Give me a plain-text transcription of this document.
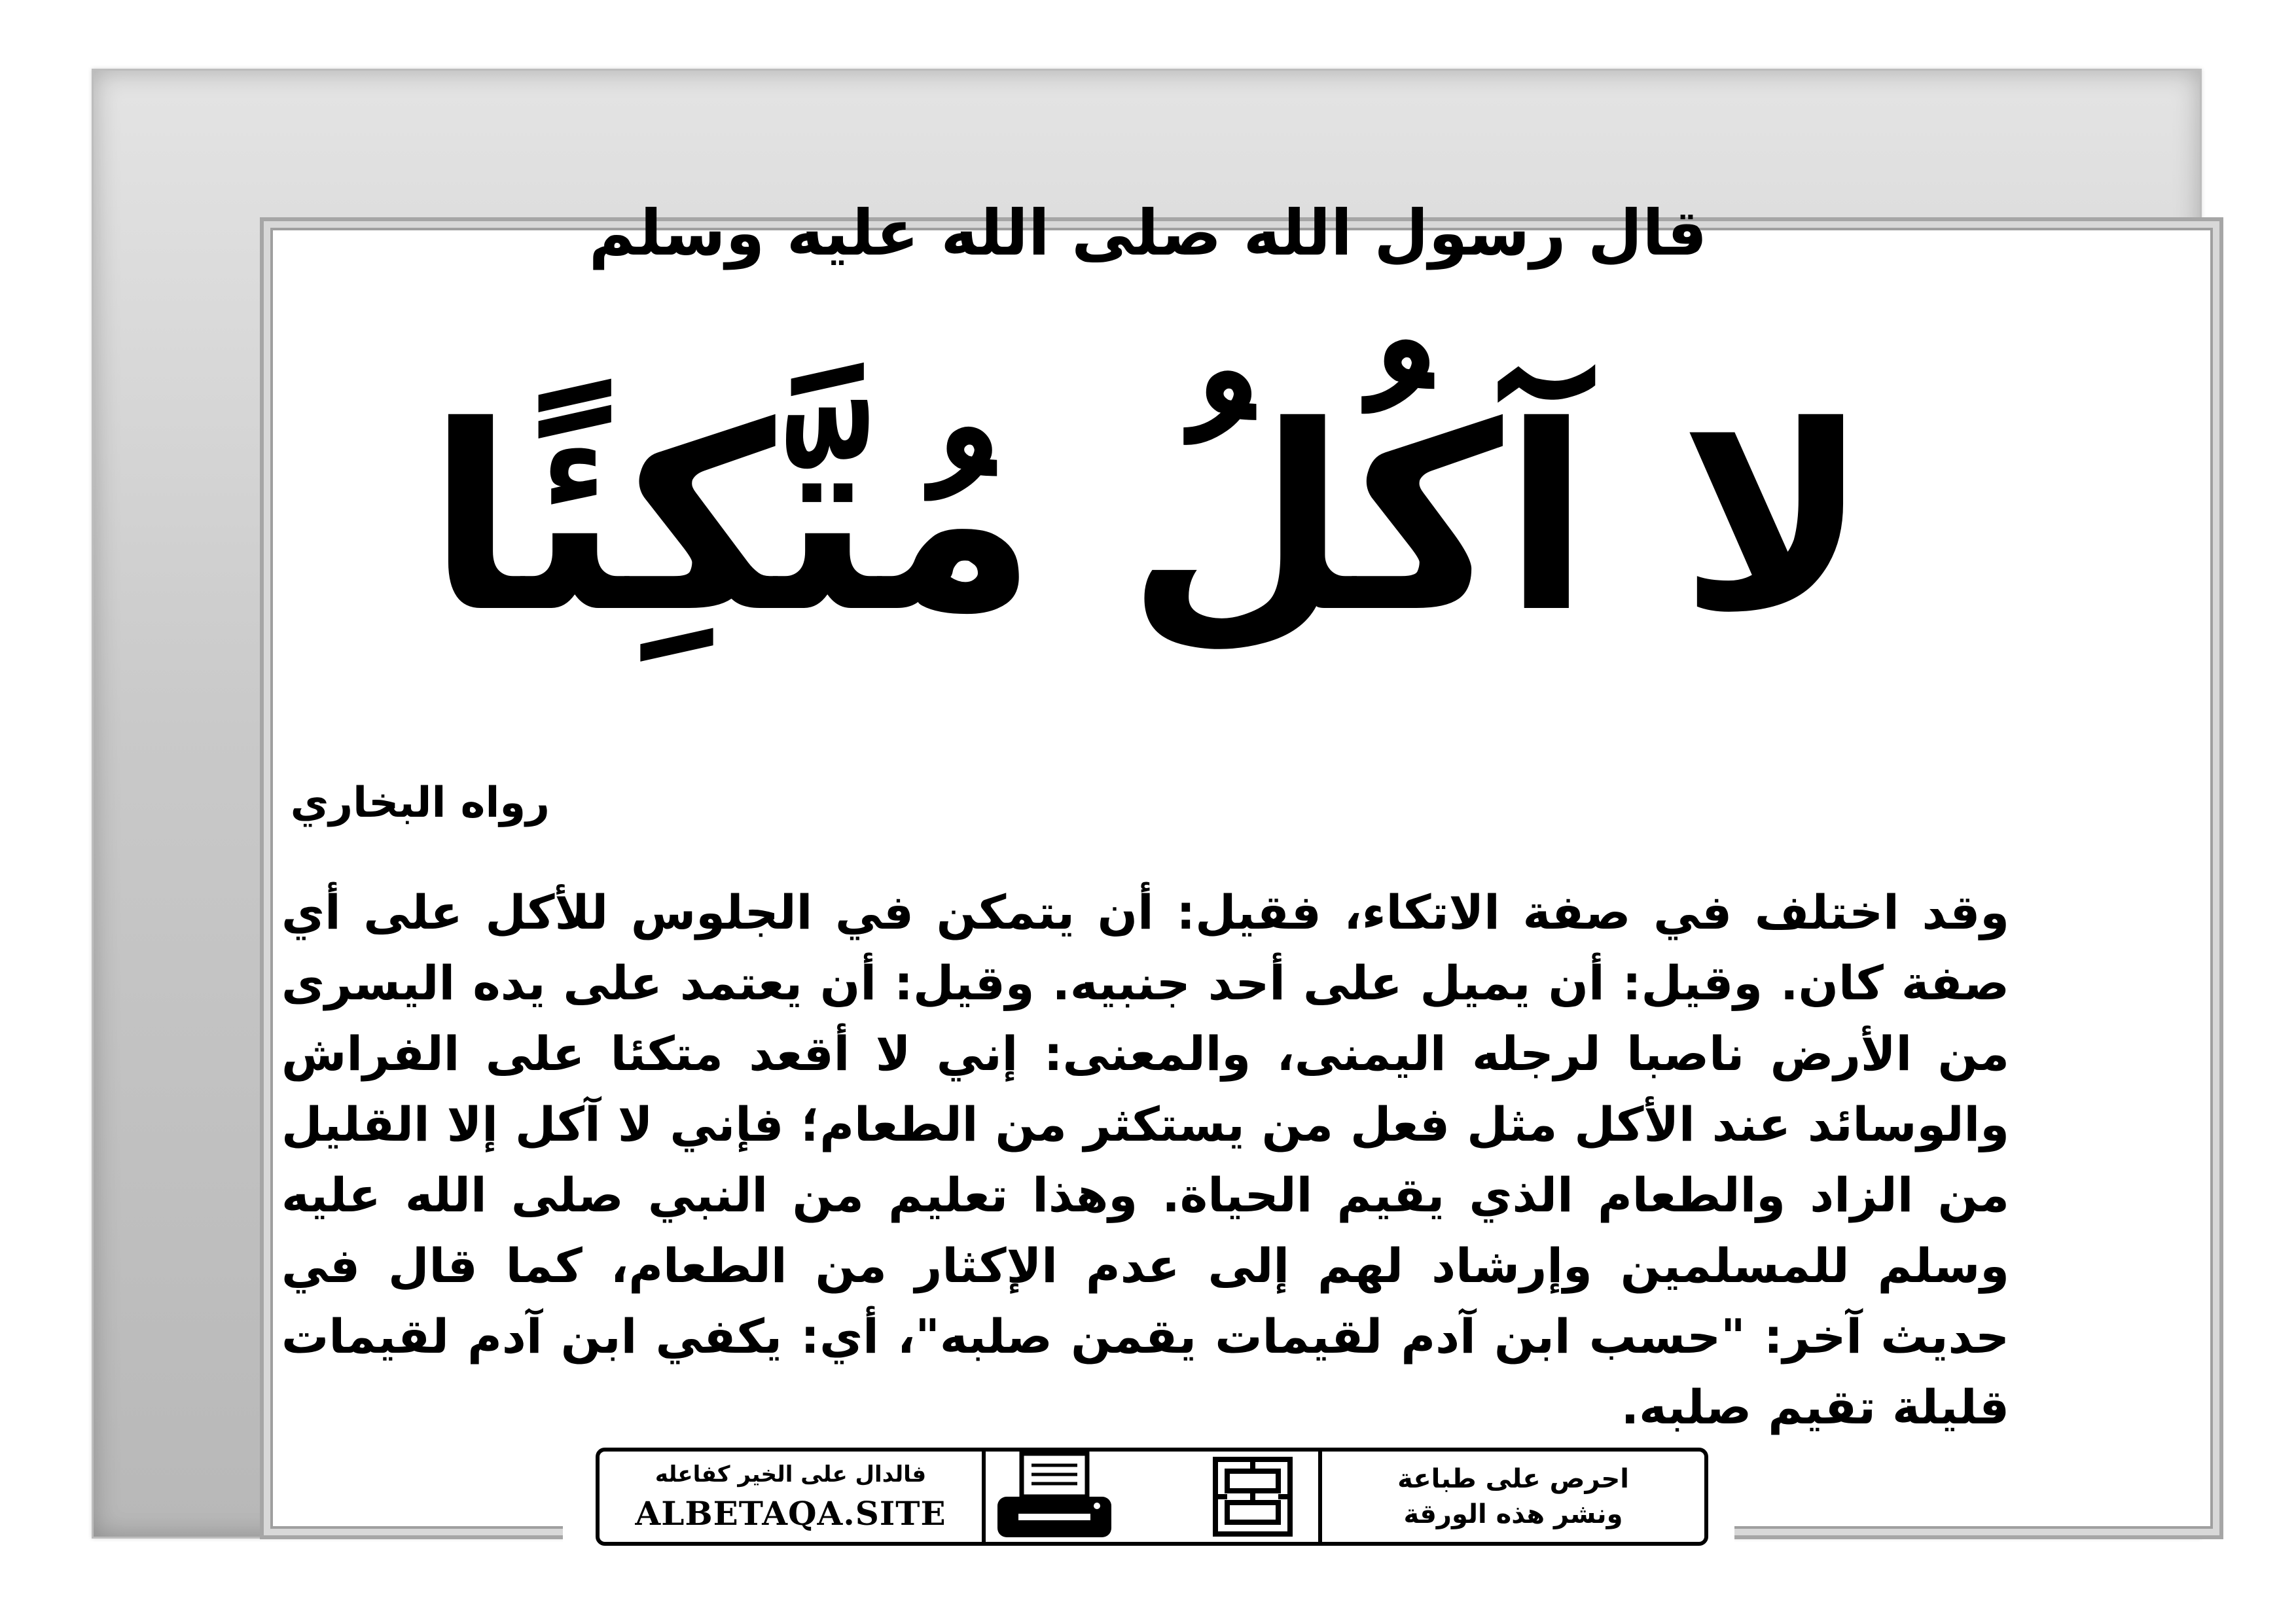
قال رسول الله صلى الله عليه وسلم
لا آكُلُ مُتَّكِئًا
رواه البخاري
وقد اختلف في صفة الاتكاء، فقيل: أن يتمكن في الجلوس للأكل على أي صفة كان. وقيل: أن يميل على أحد جنبيه. وقيل: أن يعتمد على يده اليسرى من الأرض ناصبا لرجله اليمنى، والمعنى: إني لا أقعد متكئا على الفراش والوسائد عند الأكل مثل فعل من يستكثر من الطعام؛ فإني لا آكل إلا القليل من الزاد والطعام الذي يقيم الحياة. وهذا تعليم من النبي صلى الله عليه وسلم للمسلمين وإرشاد لهم إلى عدم الإكثار من الطعام، كما قال في حديث آخر: "حسب ابن آدم لقيمات يقمن صلبه"، أي: يكفي ابن آدم لقيمات قليلة تقيم صلبه.
احرص على طباعة
ونشر هذه الورقة
فالدال على الخير كفاعله
ALBETAQA.SITE
